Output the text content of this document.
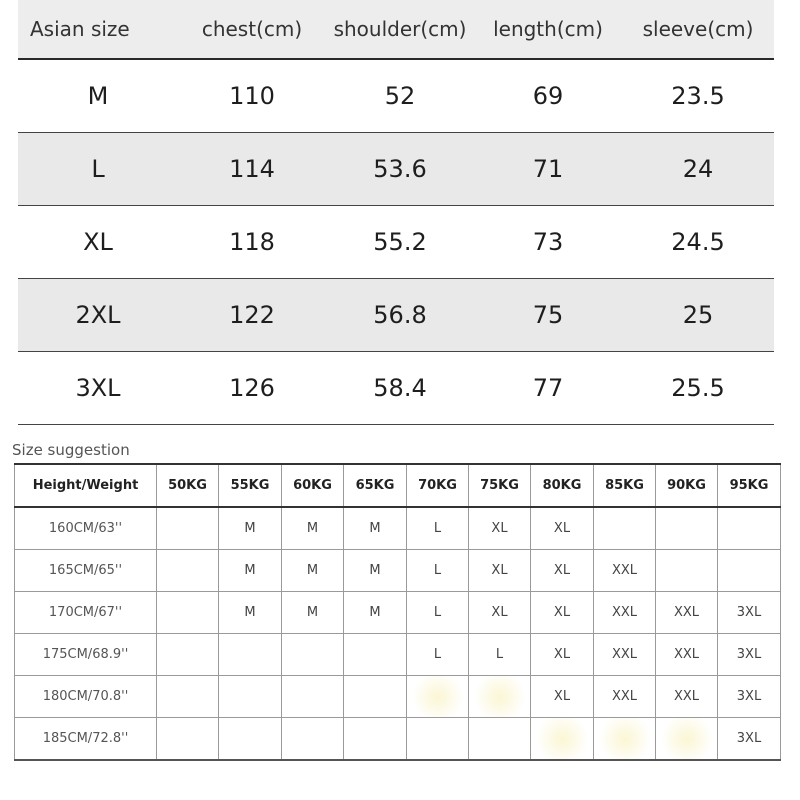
Asian size	chest(cm)	shoulder(cm)	length(cm)	sleeve(cm)
M	110	52	69	23.5
L	114	53.6	71	24
XL	118	55.2	73	24.5
2XL	122	56.8	75	25
3XL	126	58.4	77	25.5
Size suggestion
Height/Weight	50KG	55KG	60KG	65KG	70KG	75KG	80KG	85KG	90KG	95KG
160CM/63''		M	M	M	L	XL	XL			
165CM/65''		M	M	M	L	XL	XL	XXL		
170CM/67''		M	M	M	L	XL	XL	XXL	XXL	3XL
175CM/68.9''					L	L	XL	XXL	XXL	3XL
180CM/70.8''							XL	XXL	XXL	3XL
185CM/72.8''										3XL
